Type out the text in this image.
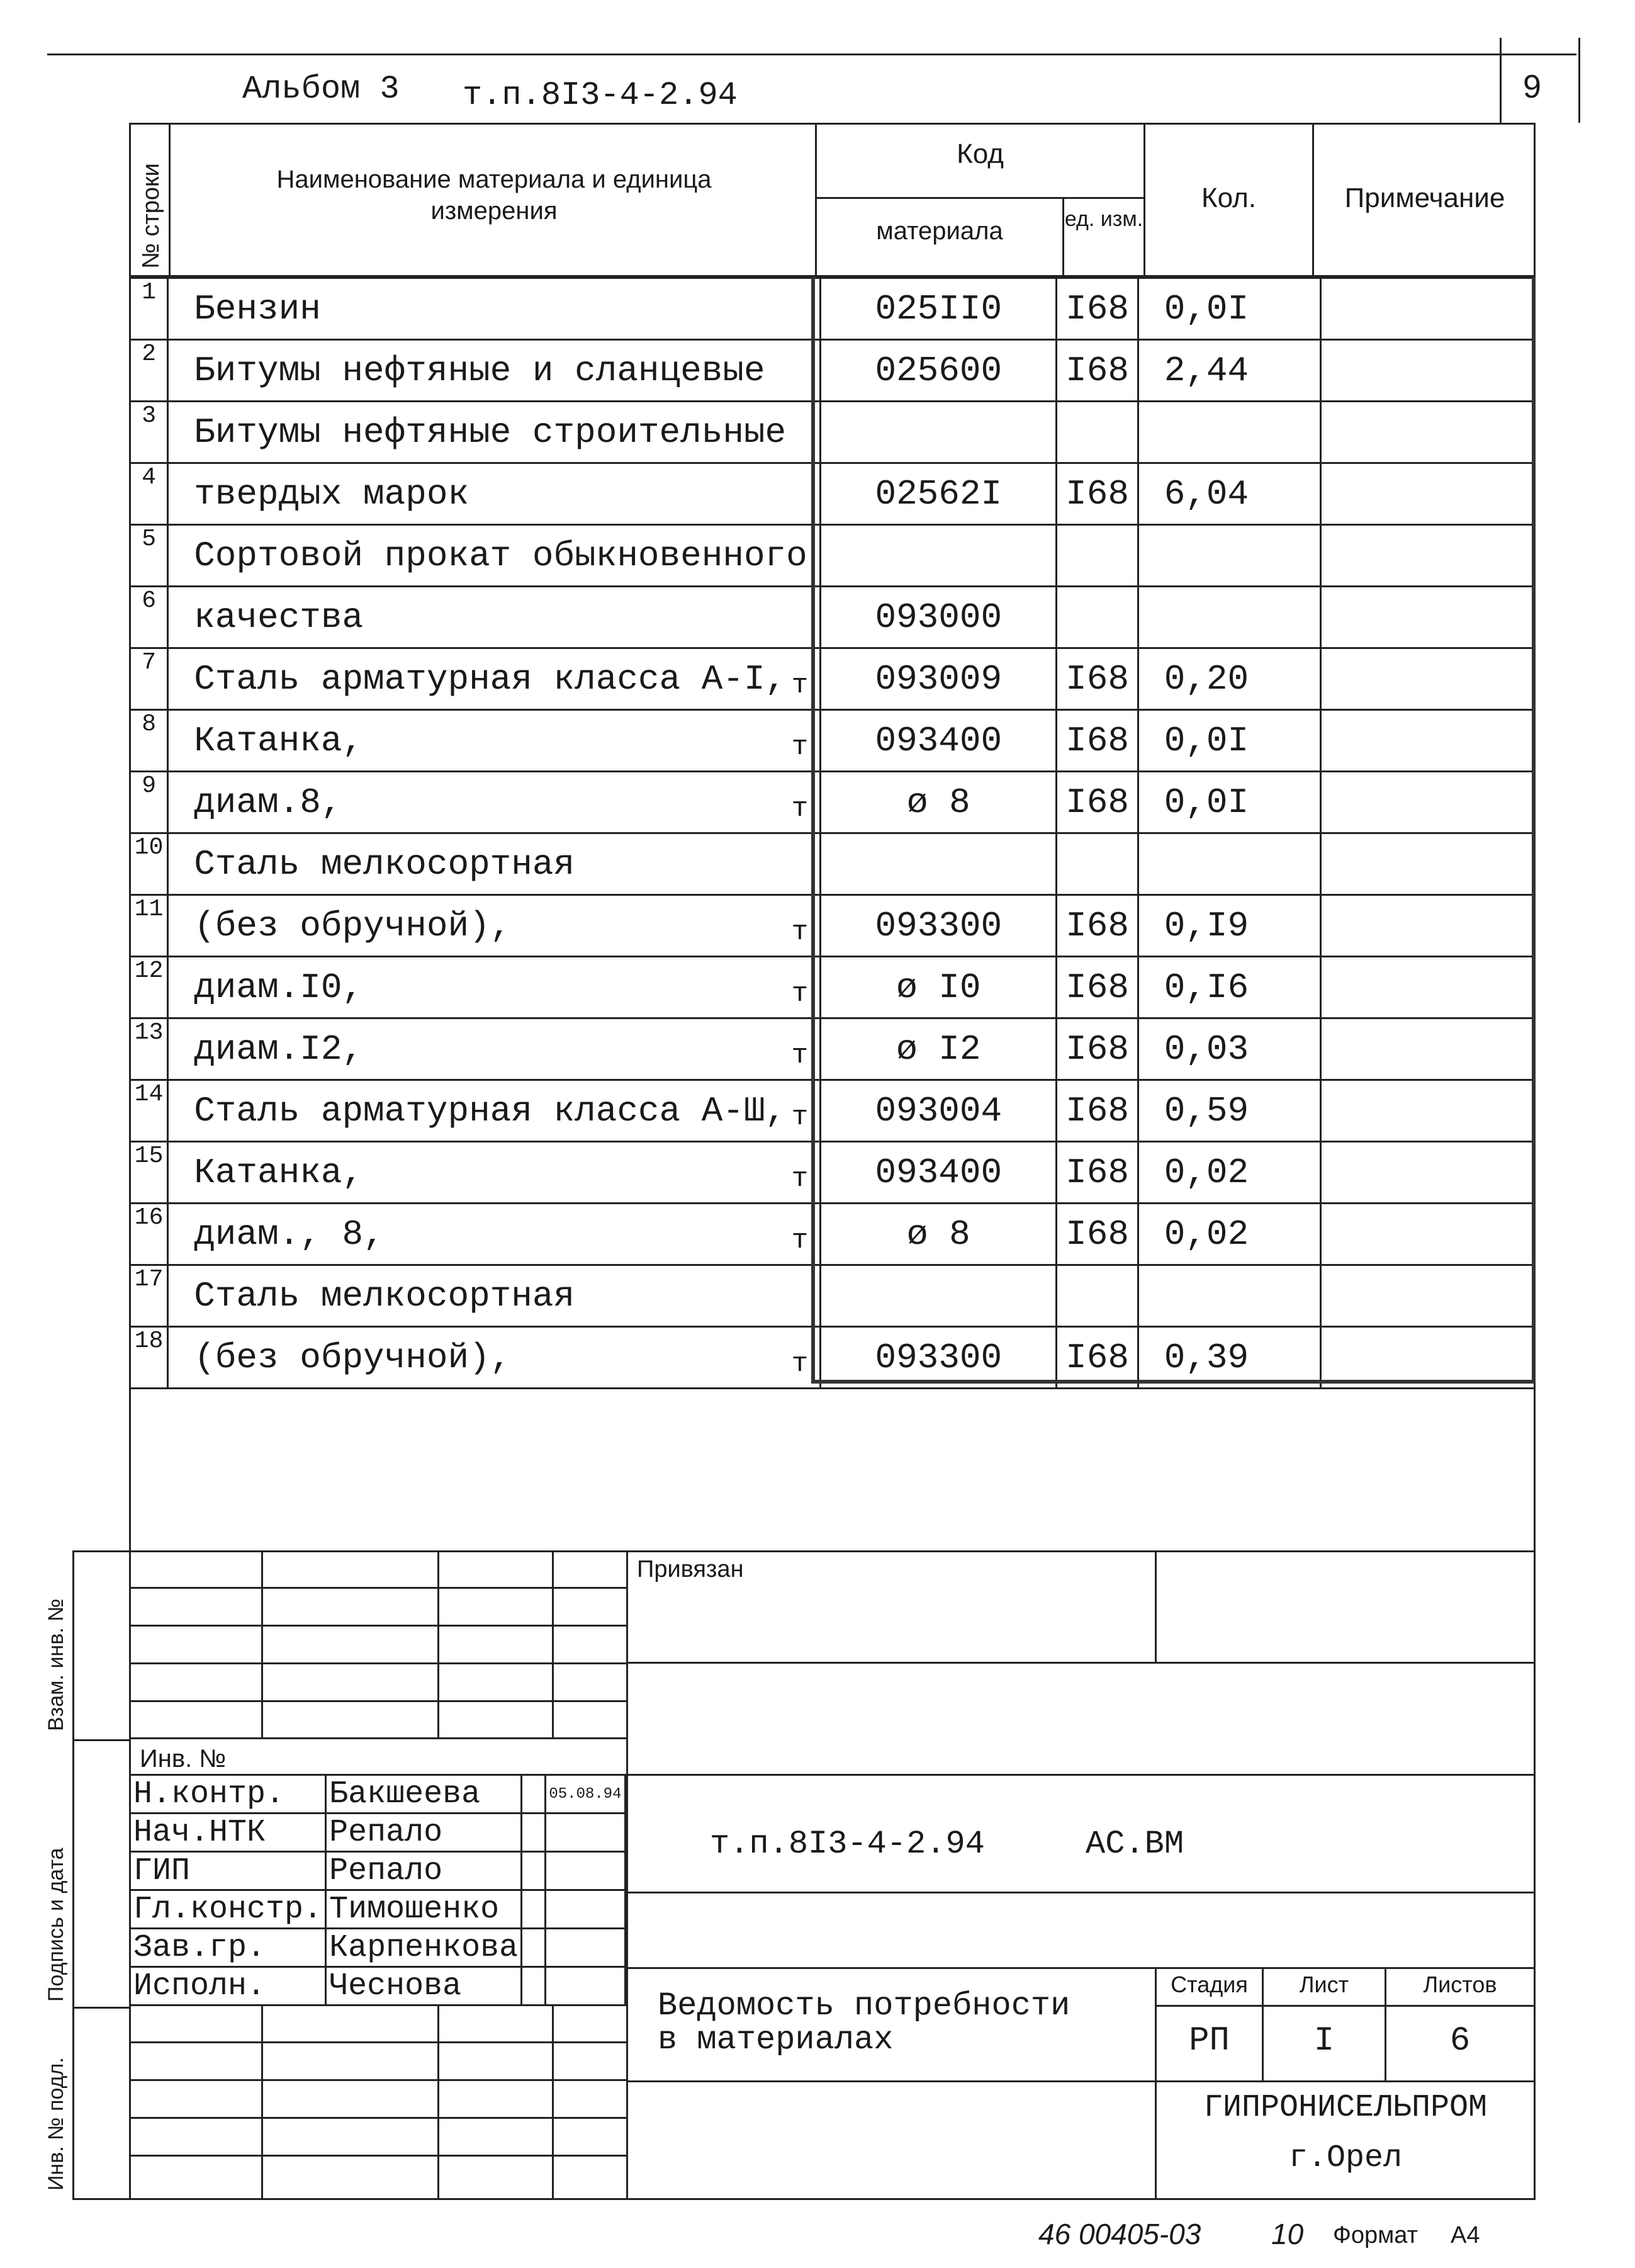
Альбом 3 т.п.8I3-4-2.94	9
№ строки	Наименование материала и единица измерения
Код
материала	ед. изм.
Кол.	Примечание
1	Бензин	025II0	I68	0,0I	
2	Битумы нефтяные и сланцевые	025600	I68	2,44	
3	Битумы нефтяные строительные				
4	твердых марок	02562I	I68	6,04	
5	Сортовой прокат обыкновенного				
6	качества	093000			
7	Сталь арматурная класса А-I, т	093009	I68	0,20	
8	Катанка, т	093400	I68	0,0I	
9	диам.8, т	ø 8	I68	0,0I	
10	Сталь мелкосортная				
11	(без обручной), т	093300	I68	0,I9	
12	диам.I0, т	ø I0	I68	0,I6	
13	диам.I2, т	ø I2	I68	0,03	
14	Сталь арматурная класса А-Ш, т	093004	I68	0,59	
15	Катанка, т	093400	I68	0,02	
16	диам., 8, т	ø 8	I68	0,02	
17	Сталь мелкосортная				
18	(без обручной), т	093300	I68	0,39	
Взам. инв. №
Подпись и дата
Инв. № подл.
Инв. №
Н.контр.	Бакшеева		05.08.94
Нач.НТК	Репало		
ГИП	Репало		
Гл.констр.	Тимошенко		
Зав.гр.	Карпенкова		
Исполн.	Чеснова		
Привязан
т.п.8I3-4-2.94	АС.ВМ
Ведомость потребности
в материалах
Стадия	Лист	Листов
РП	I	6
ГИПРОНИСЕЛЬПРОМ
г.Орел
46 00405-03 10 Формат А4
